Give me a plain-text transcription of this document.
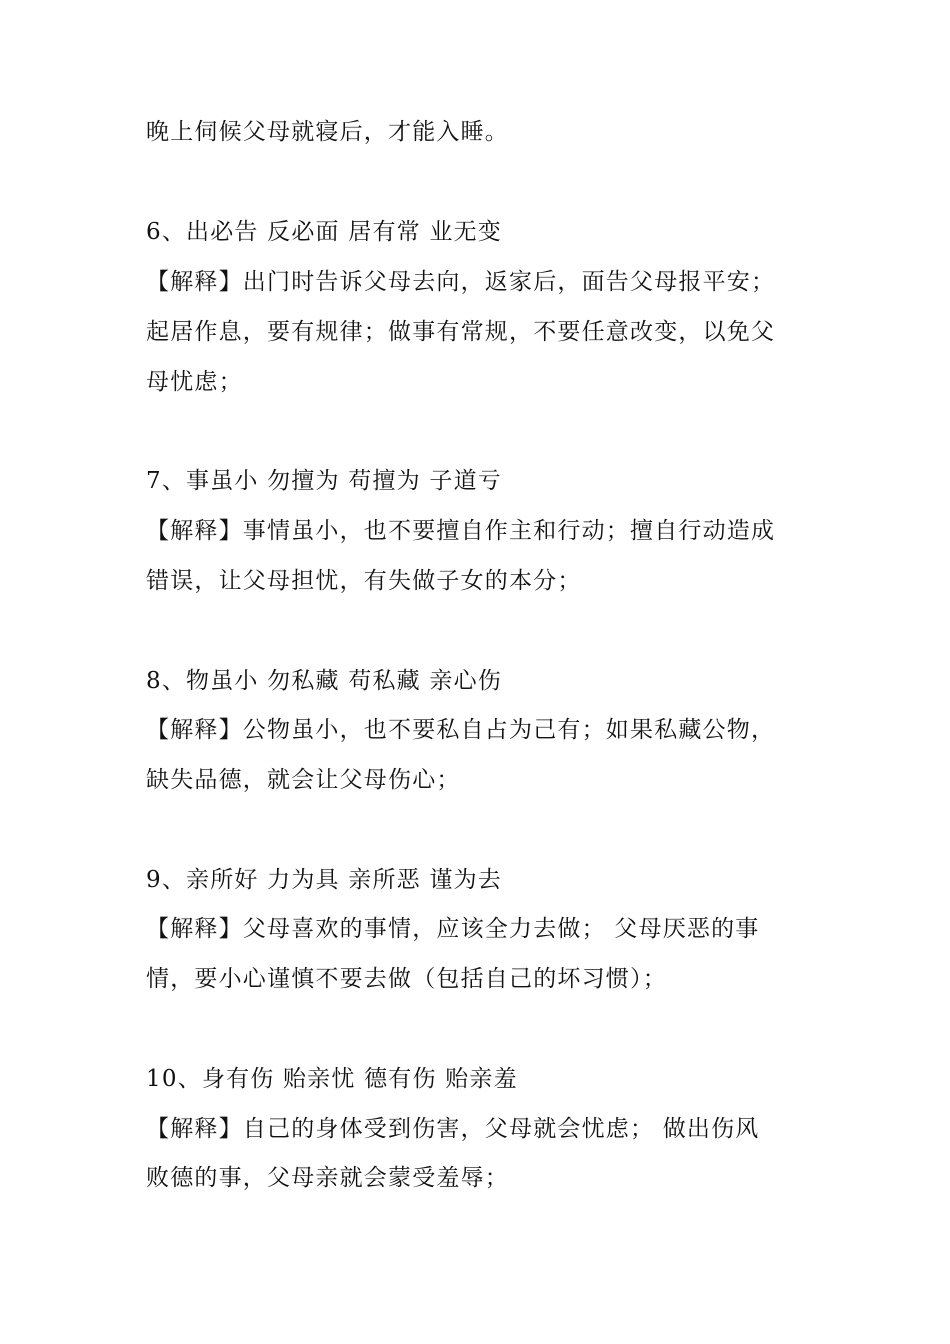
晚上伺候父母就寝后，才能入睡。
6、出必告 反必面 居有常 业无变
【解释】出门时告诉父母去向，返家后，面告父母报平安；
起居作息，要有规律；做事有常规，不要任意改变，以免父
母忧虑；
7、事虽小 勿擅为 苟擅为 子道亏
【解释】事情虽小，也不要擅自作主和行动；擅自行动造成
错误，让父母担忧，有失做子女的本分；
8、物虽小 勿私藏 苟私藏 亲心伤
【解释】公物虽小，也不要私自占为己有；如果私藏公物，
缺失品德，就会让父母伤心；
9、亲所好 力为具 亲所恶 谨为去
【解释】父母喜欢的事情，应该全力去做； 父母厌恶的事
情，要小心谨慎不要去做（包括自己的坏习惯）；
10、身有伤 贻亲忧 德有伤 贻亲羞
【解释】自己的身体受到伤害，父母就会忧虑； 做出伤风
败德的事，父母亲就会蒙受羞辱；
